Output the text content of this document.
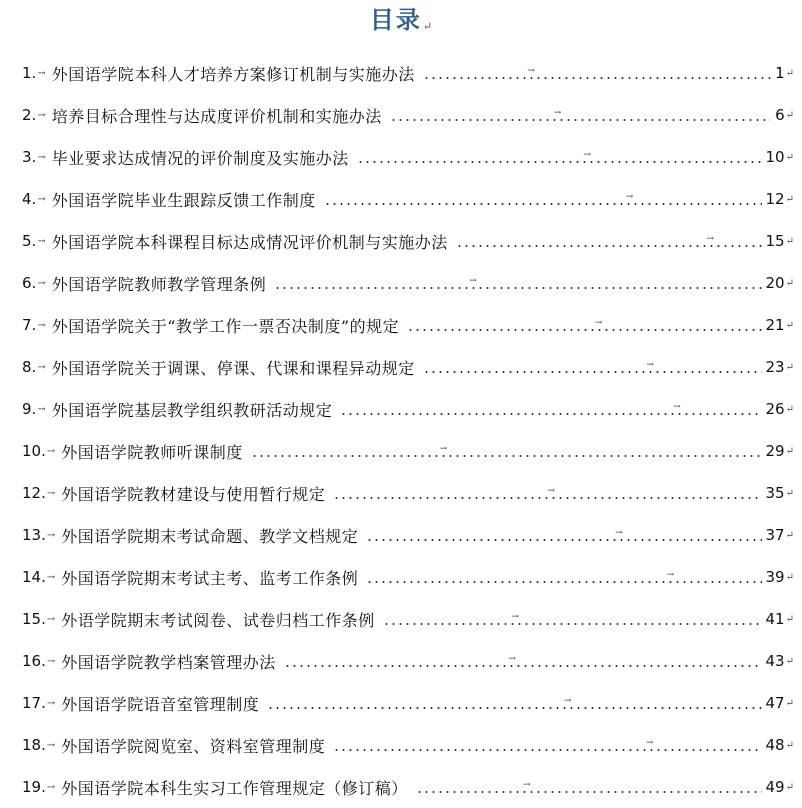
目录↵
1. → 外国语学院本科人才培养方案修订机制与实施办法	→	1 ↵
2. → 培养目标合理性与达成度评价机制和实施办法	→	6 ↵
3. → 毕业要求达成情况的评价制度及实施办法	→	10 ↵
4. → 外国语学院毕业生跟踪反馈工作制度	→	12 ↵
5. → 外国语学院本科课程目标达成情况评价机制与实施办法	→	15 ↵
6. → 外国语学院教师教学管理条例	→	20 ↵
7. → 外国语学院关于“教学工作一票否决制度”的规定	→	21 ↵
8. → 外国语学院关于调课、停课、代课和课程异动规定	→	23 ↵
9. → 外国语学院基层教学组织教研活动规定	→	26 ↵
10. → 外国语学院教师听课制度	→	29 ↵
12. → 外国语学院教材建设与使用暂行规定	→	35 ↵
13. → 外国语学院期末考试命题、教学文档规定	→	37 ↵
14. → 外国语学院期末考试主考、监考工作条例	→	39 ↵
15. → 外语学院期末考试阅卷、试卷归档工作条例	→	41 ↵
16. → 外国语学院教学档案管理办法	→	43 ↵
17. → 外国语学院语音室管理制度	→	47 ↵
18. → 外国语学院阅览室、资料室管理制度	→	48 ↵
19. → 外国语学院本科生实习工作管理规定（修订稿）	→	49 ↵
